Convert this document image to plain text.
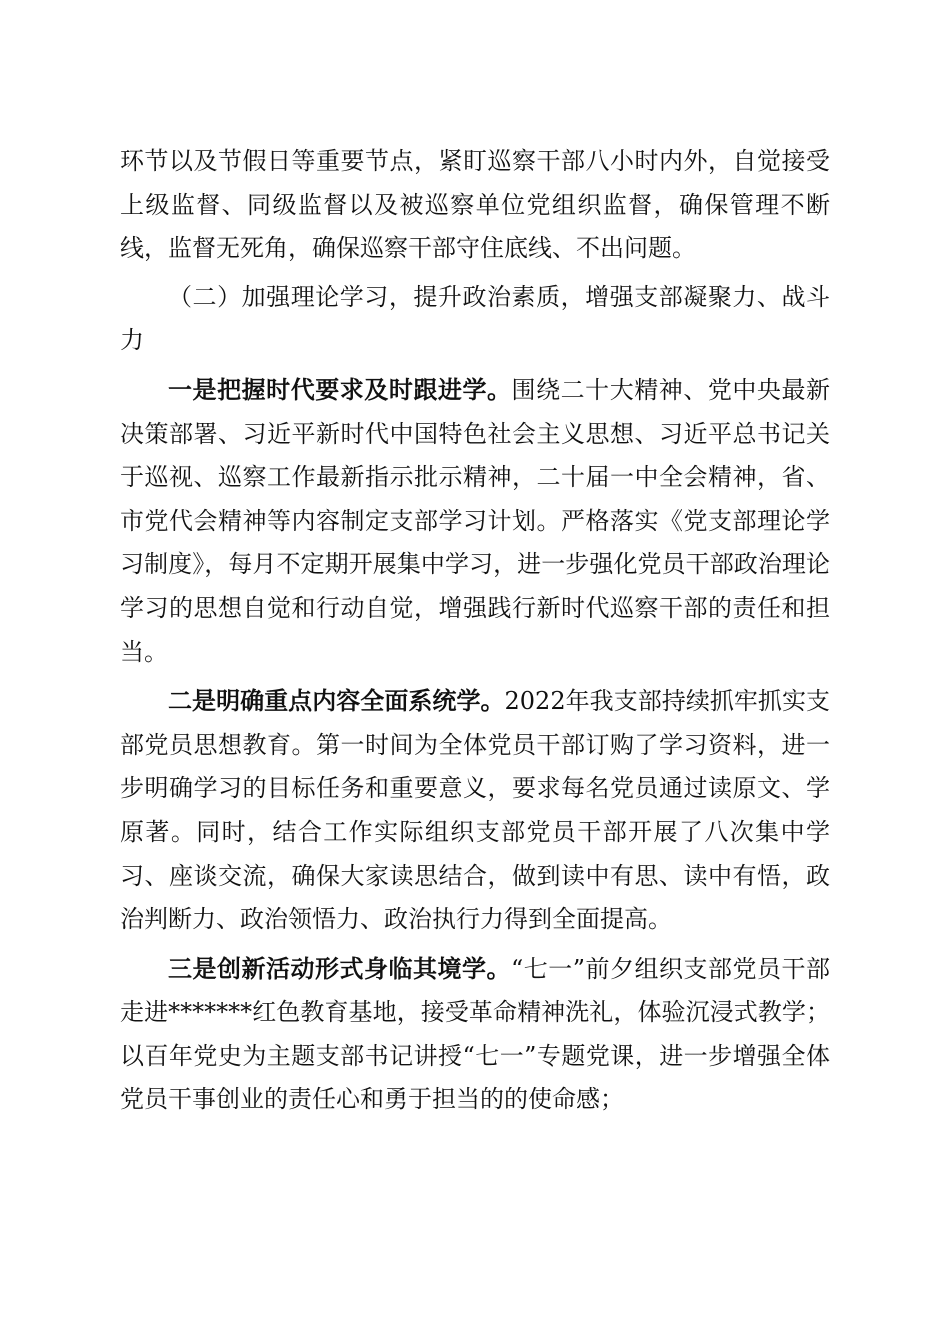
环节以及节假日等重要节点，紧盯巡察干部八小时内外，自觉接受上级监督、同级监督以及被巡察单位党组织监督，确保管理不断线，监督无死角，确保巡察干部守住底线、不出问题。

（二）加强理论学习，提升政治素质，增强支部凝聚力、战斗力

一是把握时代要求及时跟进学。围绕二十大精神、党中央最新决策部署、习近平新时代中国特色社会主义思想、习近平总书记关于巡视、巡察工作最新指示批示精神，二十届一中全会精神，省、市党代会精神等内容制定支部学习计划。严格落实《党支部理论学习制度》，每月不定期开展集中学习，进一步强化党员干部政治理论学习的思想自觉和行动自觉，增强践行新时代巡察干部的责任和担当。

二是明确重点内容全面系统学。2022年我支部持续抓牢抓实支部党员思想教育。第一时间为全体党员干部订购了学习资料，进一步明确学习的目标任务和重要意义，要求每名党员通过读原文、学原著。同时，结合工作实际组织支部党员干部开展了八次集中学习、座谈交流，确保大家读思结合，做到读中有思、读中有悟，政治判断力、政治领悟力、政治执行力得到全面提高。

三是创新活动形式身临其境学。“七一”前夕组织支部党员干部走进*******红色教育基地，接受革命精神洗礼，体验沉浸式教学；以百年党史为主题支部书记讲授“七一”专题党课，进一步增强全体党员干事创业的责任心和勇于担当的的使命感；
